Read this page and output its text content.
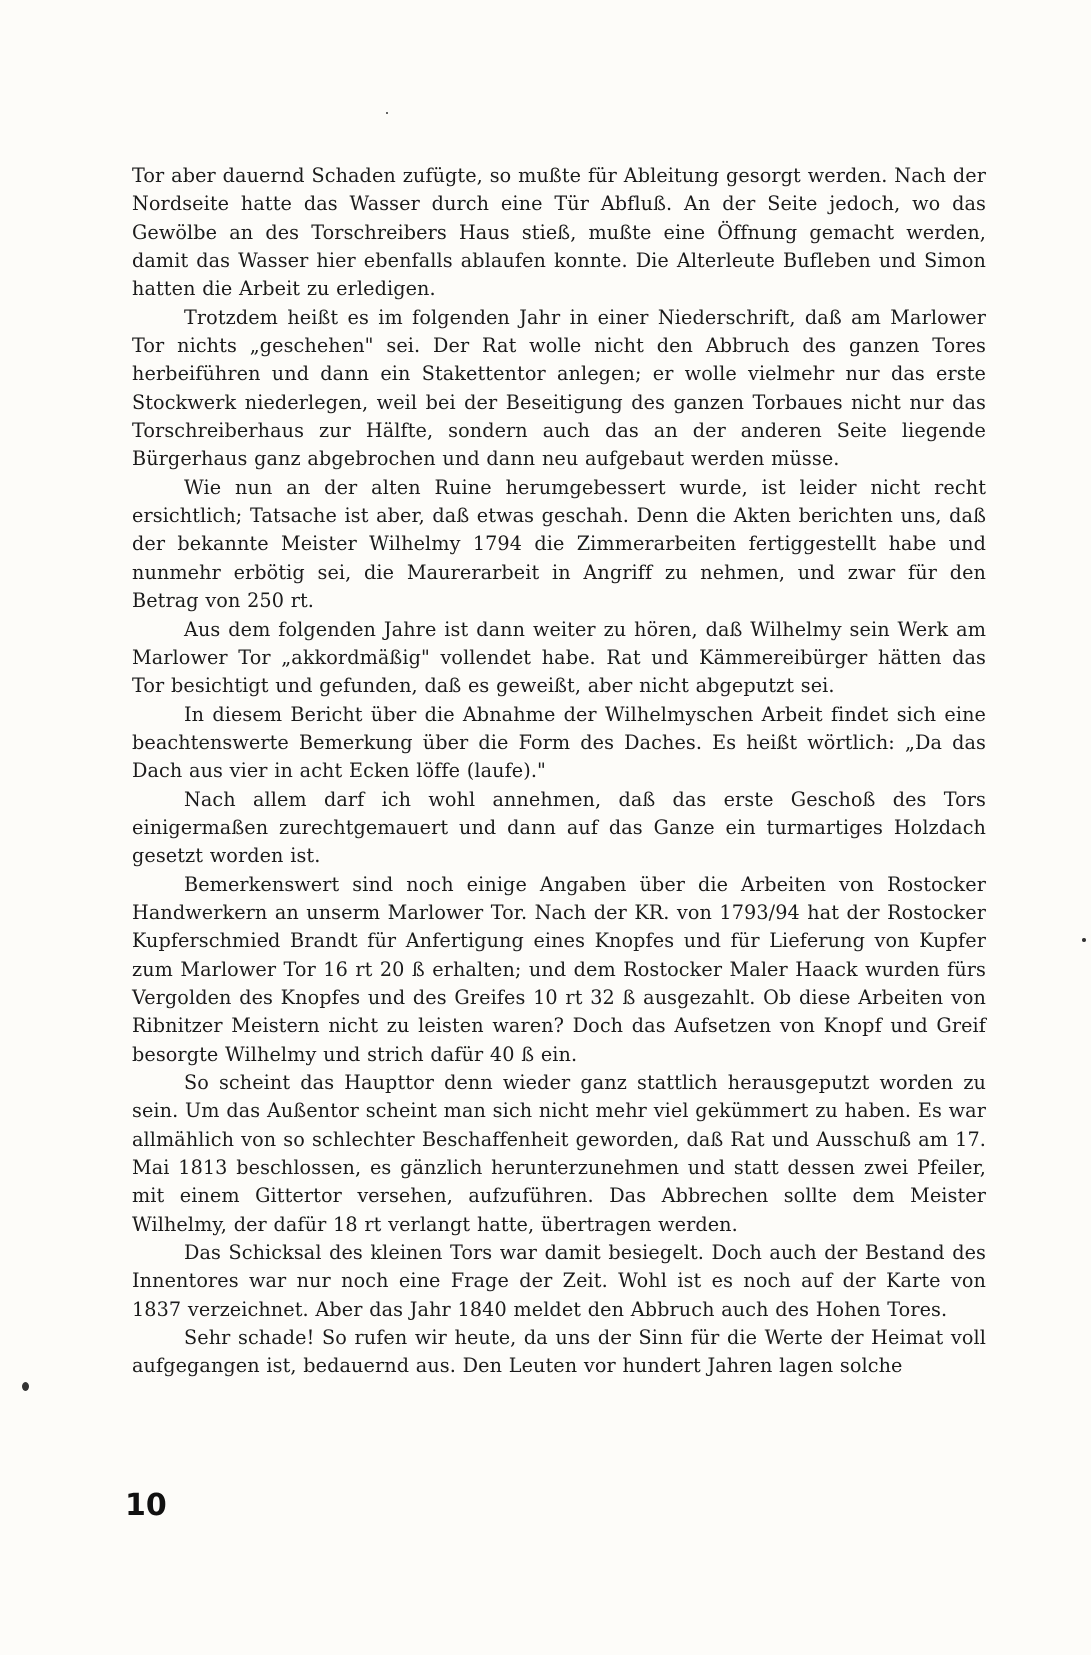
Tor aber dauernd Schaden zufügte, so mußte für Ableitung gesorgt werden. Nach der Nordseite hatte das Wasser durch eine Tür Abfluß. An der Seite jedoch, wo das Gewölbe an des Torschreibers Haus stieß, mußte eine Öffnung gemacht werden, damit das Wasser hier ebenfalls ablaufen konnte. Die Alterleute Bufleben und Simon hatten die Arbeit zu erledigen.

Trotzdem heißt es im folgenden Jahr in einer Niederschrift, daß am Marlower Tor nichts „geschehen" sei. Der Rat wolle nicht den Abbruch des ganzen Tores herbeiführen und dann ein Stakettentor anlegen; er wolle vielmehr nur das erste Stockwerk niederlegen, weil bei der Beseitigung des ganzen Torbaues nicht nur das Torschreiberhaus zur Hälfte, sondern auch das an der anderen Seite liegende Bürgerhaus ganz abgebrochen und dann neu aufgebaut werden müsse.

Wie nun an der alten Ruine herumgebessert wurde, ist leider nicht recht ersichtlich; Tatsache ist aber, daß etwas geschah. Denn die Akten berichten uns, daß der bekannte Meister Wilhelmy 1794 die Zimmerarbeiten fertiggestellt habe und nunmehr erbötig sei, die Maurerarbeit in Angriff zu nehmen, und zwar für den Betrag von 250 rt.

Aus dem folgenden Jahre ist dann weiter zu hören, daß Wilhelmy sein Werk am Marlower Tor „akkordmäßig" vollendet habe. Rat und Kämmereibürger hätten das Tor besichtigt und gefunden, daß es geweißt, aber nicht abgeputzt sei.

In diesem Bericht über die Abnahme der Wilhelmyschen Arbeit findet sich eine beachtenswerte Bemerkung über die Form des Daches. Es heißt wörtlich: „Da das Dach aus vier in acht Ecken löffe (laufe)."

Nach allem darf ich wohl annehmen, daß das erste Geschoß des Tors einigermaßen zurechtgemauert und dann auf das Ganze ein turmartiges Holzdach gesetzt worden ist.

Bemerkenswert sind noch einige Angaben über die Arbeiten von Rostocker Handwerkern an unserm Marlower Tor. Nach der KR. von 1793/94 hat der Rostocker Kupferschmied Brandt für Anfertigung eines Knopfes und für Lieferung von Kupfer zum Marlower Tor 16 rt 20 ß erhalten; und dem Rostocker Maler Haack wurden fürs Vergolden des Knopfes und des Greifes 10 rt 32 ß ausgezahlt. Ob diese Arbeiten von Ribnitzer Meistern nicht zu leisten waren? Doch das Aufsetzen von Knopf und Greif besorgte Wilhelmy und strich dafür 40 ß ein.

So scheint das Haupttor denn wieder ganz stattlich herausgeputzt worden zu sein. Um das Außentor scheint man sich nicht mehr viel gekümmert zu haben. Es war allmählich von so schlechter Beschaffenheit geworden, daß Rat und Ausschuß am 17. Mai 1813 beschlossen, es gänzlich herunterzunehmen und statt dessen zwei Pfeiler, mit einem Gittertor versehen, aufzuführen. Das Abbrechen sollte dem Meister Wilhelmy, der dafür 18 rt verlangt hatte, übertragen werden.

Das Schicksal des kleinen Tors war damit besiegelt. Doch auch der Bestand des Innentores war nur noch eine Frage der Zeit. Wohl ist es noch auf der Karte von 1837 verzeichnet. Aber das Jahr 1840 meldet den Abbruch auch des Hohen Tores.

Sehr schade! So rufen wir heute, da uns der Sinn für die Werte der Heimat voll aufgegangen ist, bedauernd aus. Den Leuten vor hundert Jahren lagen solche

10
